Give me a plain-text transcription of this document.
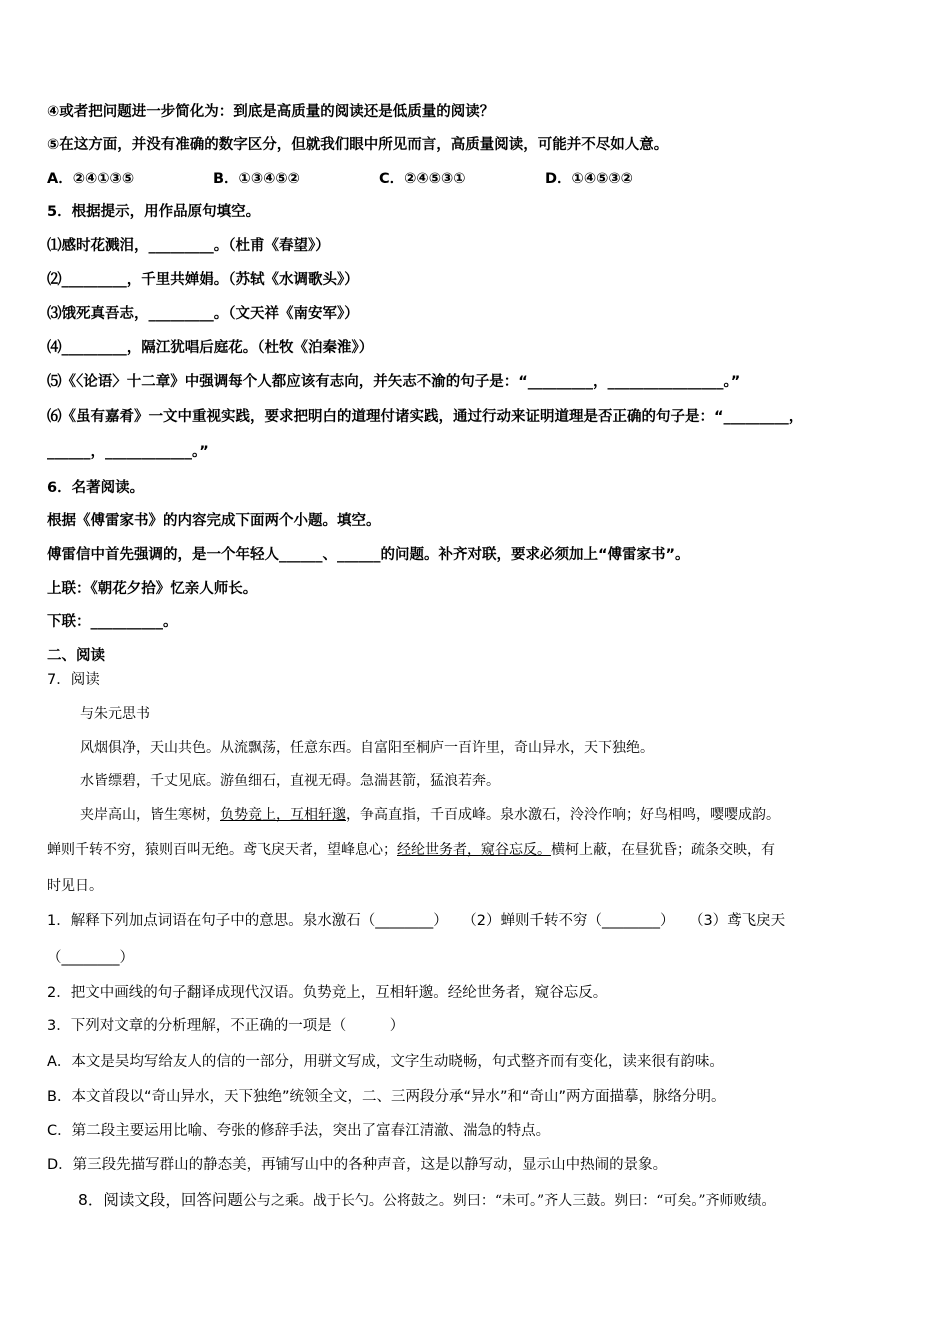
④或者把问题进一步简化为：到底是高质量的阅读还是低质量的阅读？
⑤在这方面，并没有准确的数字区分，但就我们眼中所见而言，高质量阅读，可能并不尽如人意。
A．②④①③⑤	B．①③④⑤②	C．②④⑤③①	D．①④⑤③②
5．根据提示，用作品原句填空。
⑴感时花溅泪，_________。（杜甫《春望》）
⑵_________，千里共婵娟。（苏轼《水调歌头》）
⑶饿死真吾志，_________。（文天祥《南安军》）
⑷_________，隔江犹唱后庭花。（杜牧《泊秦淮》）
⑸《〈论语〉十二章》中强调每个人都应该有志向，并矢志不渝的句子是：“_________，________________。”
⑹《虽有嘉肴》一文中重视实践，要求把明白的道理付诸实践，通过行动来证明道理是否正确的句子是：“_________，
______，____________。”
6．名著阅读。
根据《傅雷家书》的内容完成下面两个小题。填空。
傅雷信中首先强调的，是一个年轻人______、______的问题。补齐对联，要求必须加上“傅雷家书”。
上联：《朝花夕拾》忆亲人师长。
下联：__________。
二、阅读
7．阅读
与朱元思书
风烟俱净，天山共色。从流飘荡，任意东西。自富阳至桐庐一百许里，奇山异水，天下独绝。
水皆缥碧，千丈见底。游鱼细石，直视无碍。急湍甚箭，猛浪若奔。
夹岸高山，皆生寒树，负势竞上，互相轩邈，争高直指，千百成峰。泉水激石，泠泠作响；好鸟相鸣，嘤嘤成韵。
蝉则千转不穷，猿则百叫无绝。鸢飞戾天者，望峰息心；经纶世务者，窥谷忘反。横柯上蔽，在昼犹昏；疏条交映，有
时见日。
1．解释下列加点词语在句子中的意思。泉水激石（________）　　（2）蝉则千转不穷（________）　　（3）鸢飞戾天
（________）
2．把文中画线的句子翻译成现代汉语。负势竞上，互相轩邈。经纶世务者，窥谷忘反。
3．下列对文章的分析理解，不正确的一项是（　　　）
A．本文是吴均写给友人的信的一部分，用骈文写成，文字生动晓畅，句式整齐而有变化，读来很有韵味。
B．本文首段以“奇山异水，天下独绝”统领全文，二、三两段分承“异水”和“奇山”两方面描摹，脉络分明。
C．第二段主要运用比喻、夸张的修辞手法，突出了富春江清澈、湍急的特点。
D．第三段先描写群山的静态美，再铺写山中的各种声音，这是以静写动，显示山中热闹的景象。
8．阅读文段，回答问题公与之乘。战于长勺。公将鼓之。刿曰：“未可。”齐人三鼓。刿曰：“可矣。”齐师败绩。
